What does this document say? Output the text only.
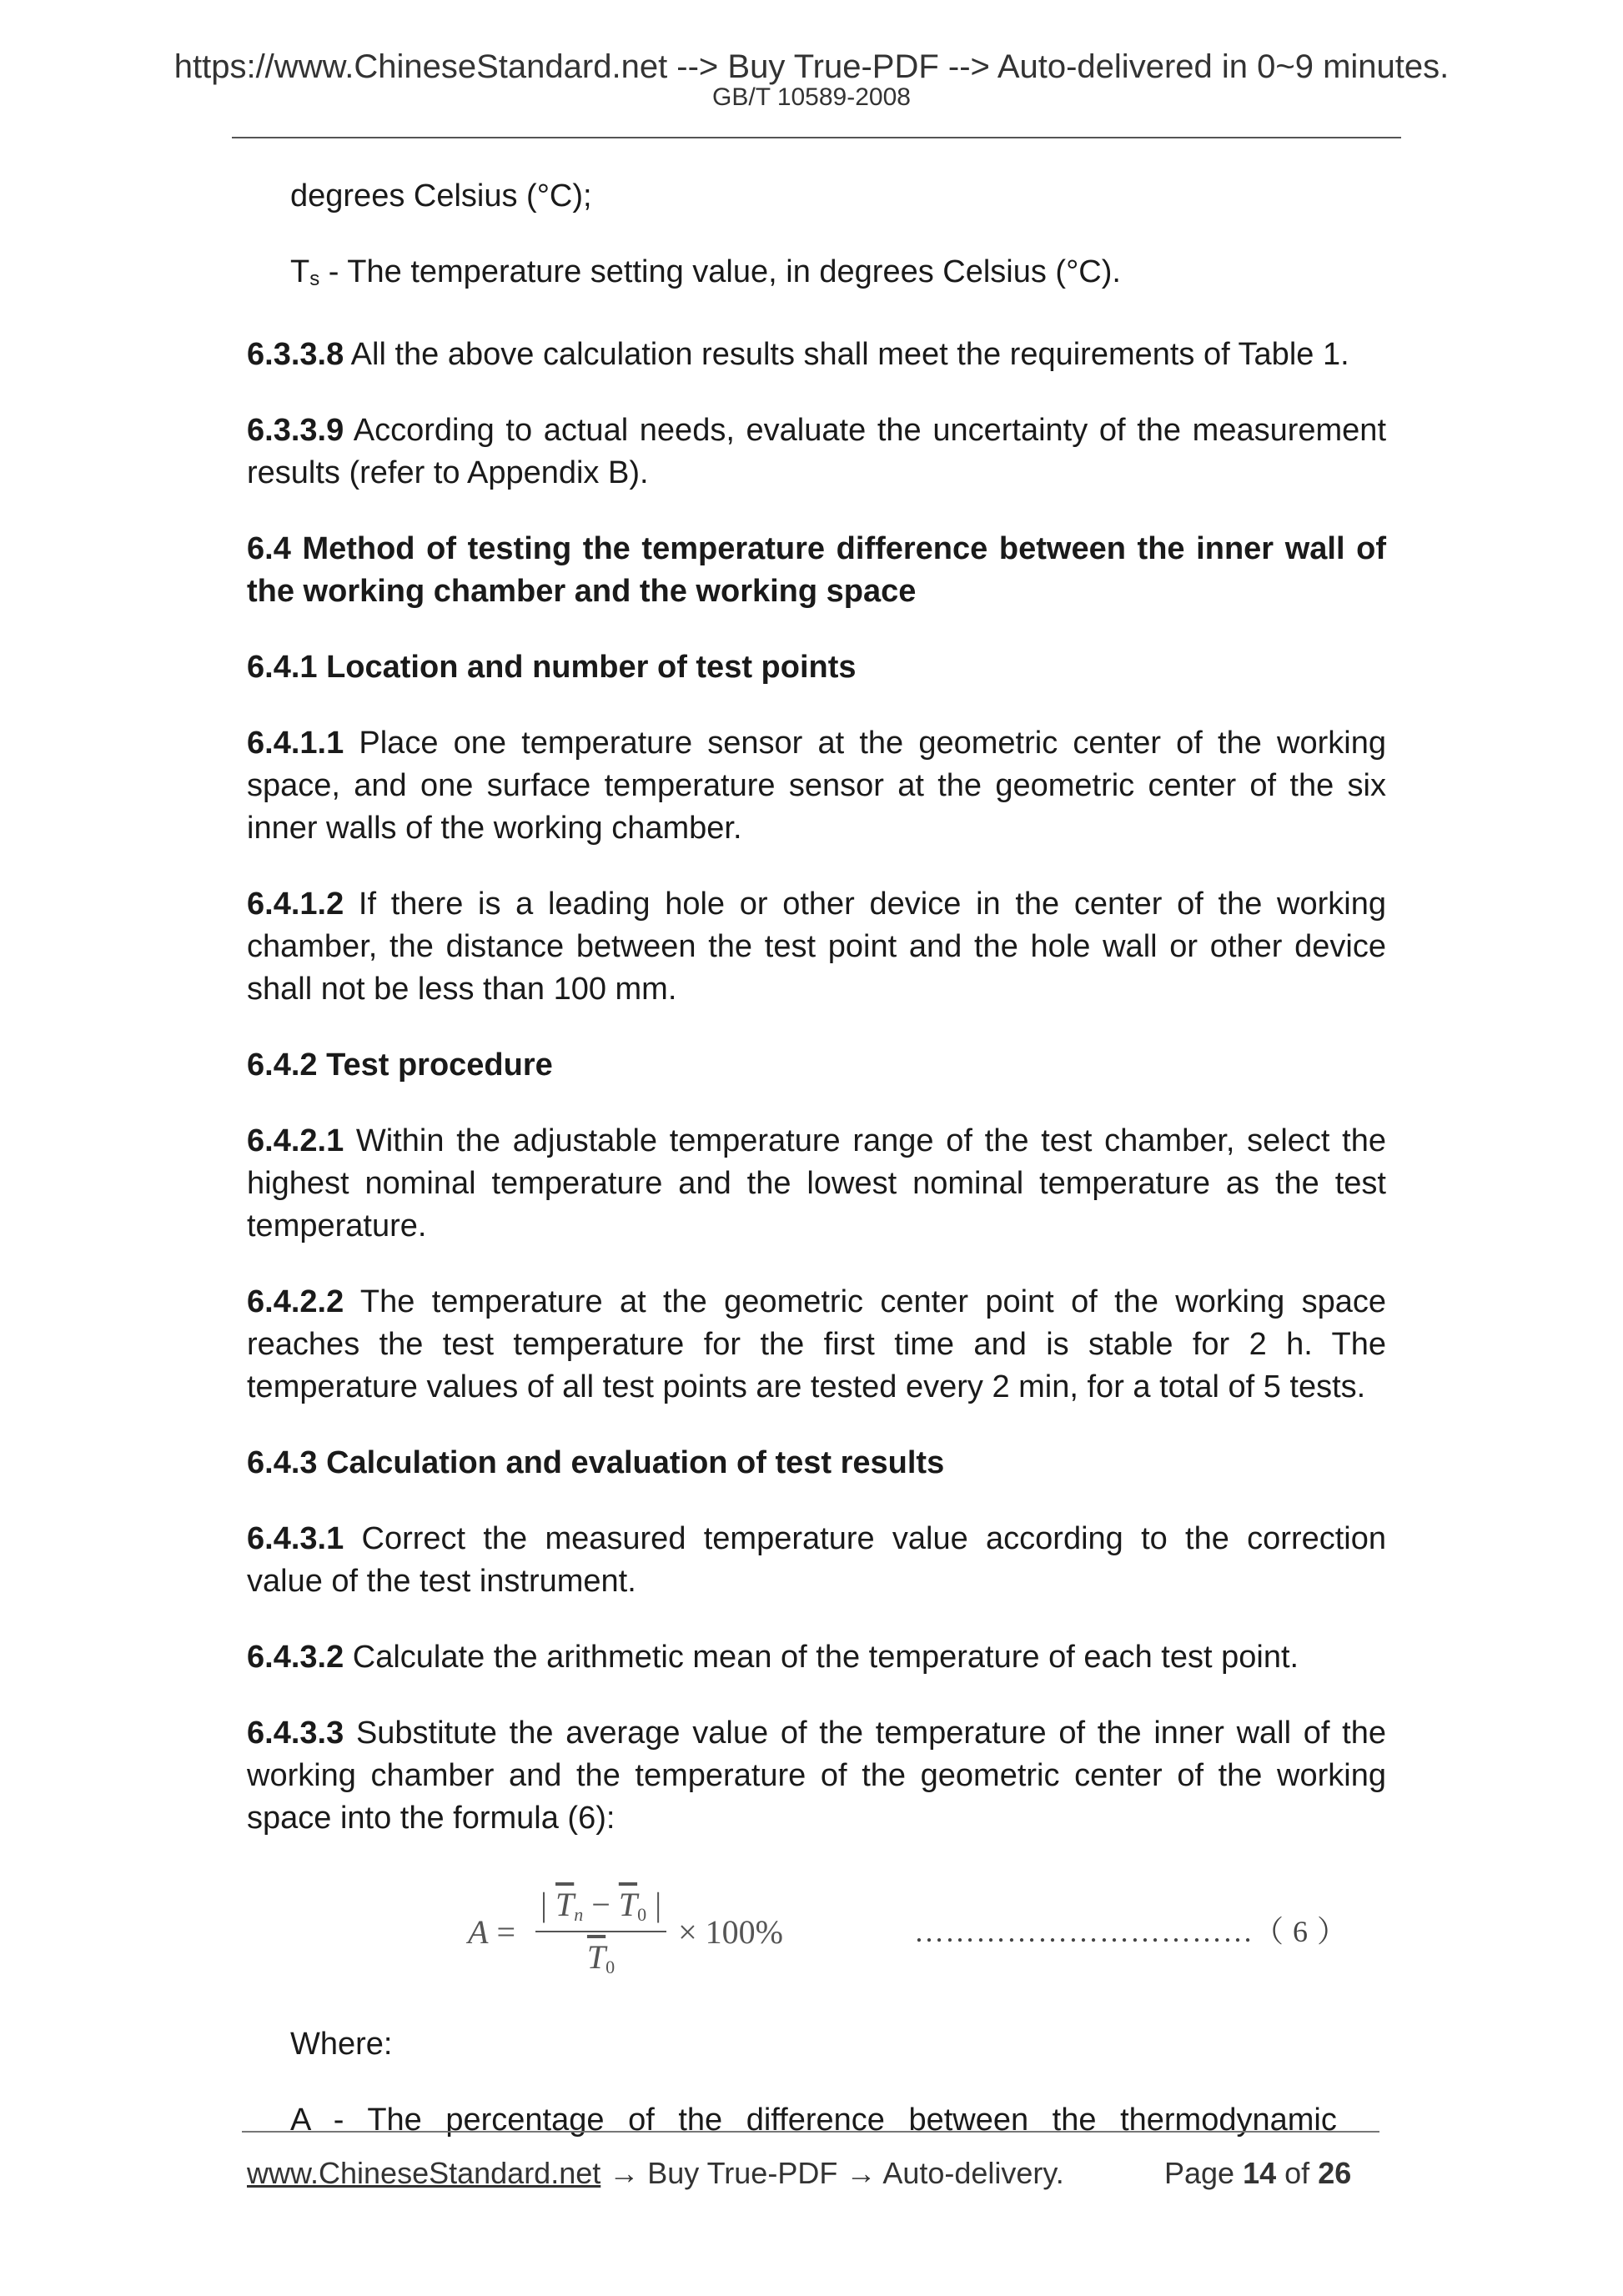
https://www.ChineseStandard.net --> Buy True-PDF --> Auto-delivered in 0~9 minutes.
GB/T 10589-2008

degrees Celsius (°C);

Ts - The temperature setting value, in degrees Celsius (°C).

6.3.3.8 All the above calculation results shall meet the requirements of Table 1.

6.3.3.9 According to actual needs, evaluate the uncertainty of the measurement results (refer to Appendix B).

6.4 Method of testing the temperature difference between the inner wall of the working chamber and the working space

6.4.1 Location and number of test points

6.4.1.1 Place one temperature sensor at the geometric center of the working space, and one surface temperature sensor at the geometric center of the six inner walls of the working chamber.

6.4.1.2 If there is a leading hole or other device in the center of the working chamber, the distance between the test point and the hole wall or other device shall not be less than 100 mm.

6.4.2 Test procedure

6.4.2.1 Within the adjustable temperature range of the test chamber, select the highest nominal temperature and the lowest nominal temperature as the test temperature.

6.4.2.2 The temperature at the geometric center point of the working space reaches the test temperature for the first time and is stable for 2 h. The temperature values of all test points are tested every 2 min, for a total of 5 tests.

6.4.3 Calculation and evaluation of test results

6.4.3.1 Correct the measured temperature value according to the correction value of the test instrument.

6.4.3.2 Calculate the arithmetic mean of the temperature of each test point.

6.4.3.3 Substitute the average value of the temperature of the inner wall of the working chamber and the temperature of the geometric center of the working space into the formula (6):

$A = \frac{| \overline{T}n - \overline{T}0 |}{\overline{T}0} \times 100\%$	……………………………（ 6 ）

Where:

A - The percentage of the difference between the thermodynamic

www.ChineseStandard.net → Buy True-PDF → Auto-delivery.	Page 14 of 26
